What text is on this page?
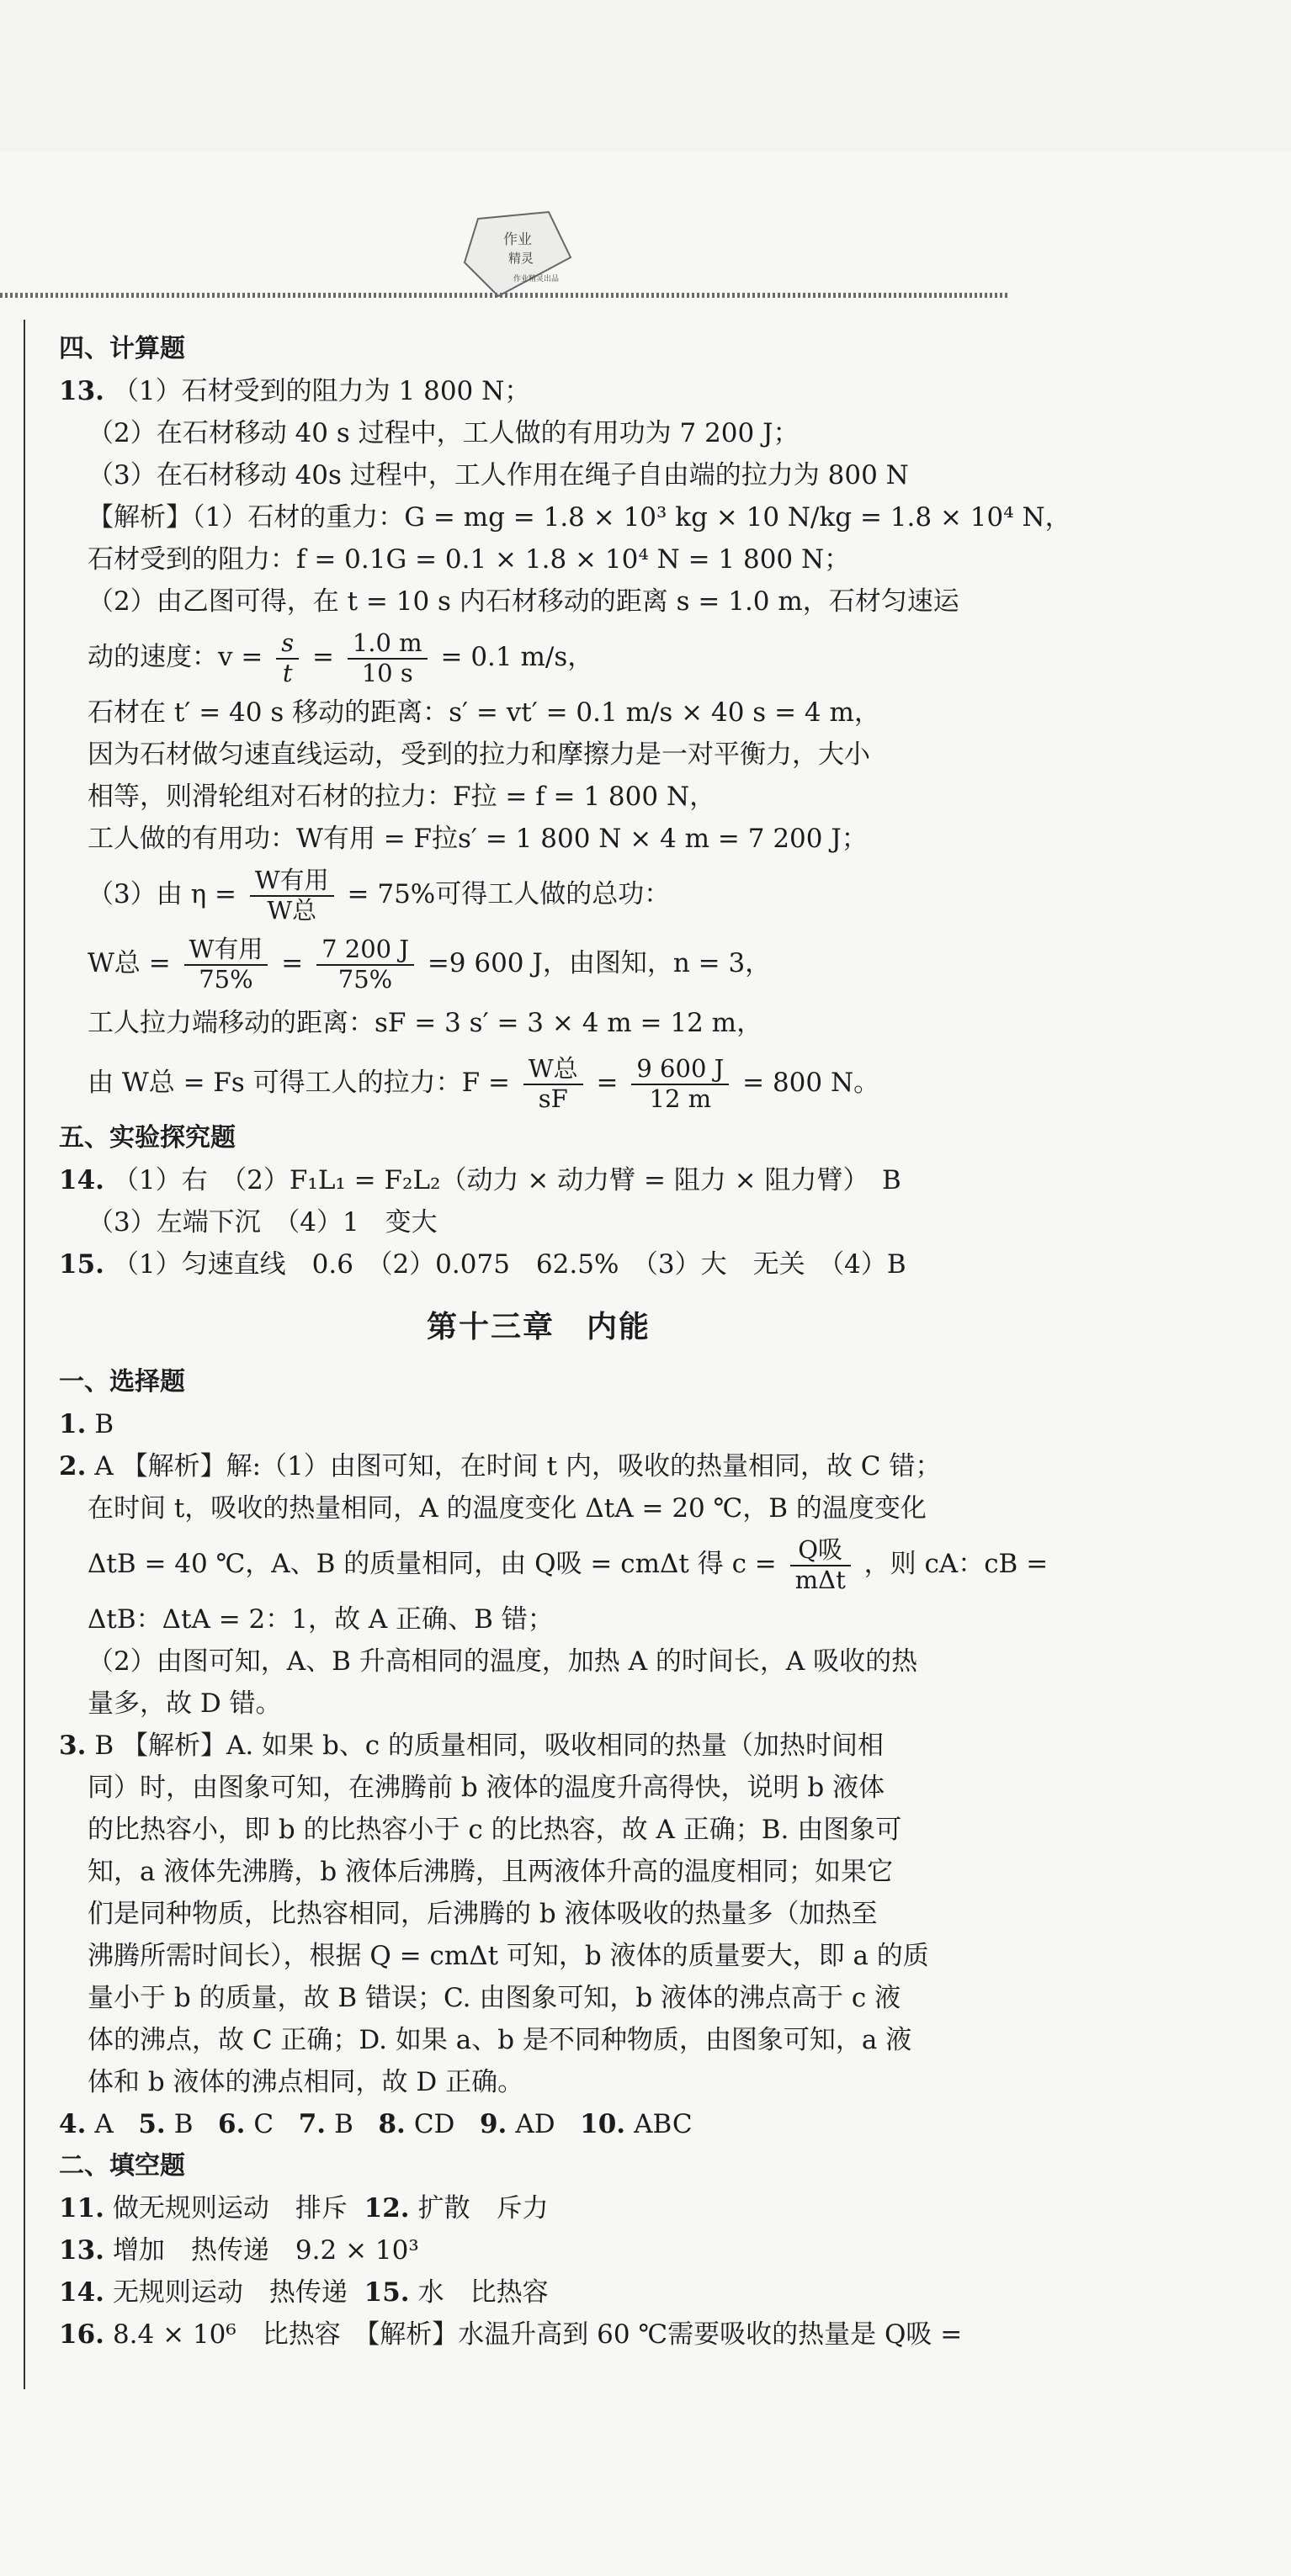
作业
精灵
作业精灵出品
四、计算题
13. （1）石材受到的阻力为 1 800 N；
（2）在石材移动 40 s 过程中，工人做的有用功为 7 200 J；
（3）在石材移动 40s 过程中，工人作用在绳子自由端的拉力为 800 N
【解析】（1）石材的重力：G = mg = 1.8 × 10³ kg × 10 N/kg = 1.8 × 10⁴ N，
石材受到的阻力：f = 0.1G = 0.1 × 1.8 × 10⁴ N = 1 800 N；
（2）由乙图可得，在 t = 10 s 内石材移动的距离 s = 1.0 m，石材匀速运
动的速度：$v = \frac{s}{t} = \frac{1.0 m}{10 s} = 0.1$ m/s，
石材在 t′ = 40 s 移动的距离：s′ = vt′ = 0.1 m/s × 40 s = 4 m，
因为石材做匀速直线运动，受到的拉力和摩擦力是一对平衡力，大小
相等，则滑轮组对石材的拉力：F拉 = f = 1 800 N，
工人做的有用功：W有用 = F拉s′ = 1 800 N × 4 m = 7 200 J；
（3）由 $\eta = \frac{\text{W有用}}{\text{W总}} = 75\%$可得工人做的总功：
W总 = $\frac{\text{W有用}}{75\%} = \frac{7 200 J}{75\%} =9$ 600 J，由图知，n = 3，
工人拉力端移动的距离：sF = 3 s′ = 3 × 4 m = 12 m，
由 W总 = Fs 可得工人的拉力：$F = \frac{\text{W总}}{sF} = \frac{9 600 J}{12 m} = 800$ N。
五、实验探究题
14. （1）右　（2）F₁L₁ = F₂L₂（动力 × 动力臂 = 阻力 × 阻力臂）　B
（3）左端下沉　（4）1　变大
15. （1）匀速直线　0.6　（2）0.075　62.5%　（3）大　无关　（4）B
第十三章　内能
一、选择题
1. B
2. A 【解析】解:（1）由图可知，在时间 t 内，吸收的热量相同，故 C 错；
在时间 t，吸收的热量相同，A 的温度变化 ΔtA = 20 ℃，B 的温度变化
ΔtB = 40 ℃，A、B 的质量相同，由 Q吸 = cmΔt 得 $c = \frac{\text{Q吸}}{\text{mΔt}}$ ，则 cA：cB =
ΔtB：ΔtA = 2：1，故 A 正确、B 错；
（2）由图可知，A、B 升高相同的温度，加热 A 的时间长，A 吸收的热
量多，故 D 错。
3. B 【解析】A. 如果 b、c 的质量相同，吸收相同的热量（加热时间相
同）时，由图象可知，在沸腾前 b 液体的温度升高得快，说明 b 液体
的比热容小，即 b 的比热容小于 c 的比热容，故 A 正确；B. 由图象可
知，a 液体先沸腾，b 液体后沸腾，且两液体升高的温度相同；如果它
们是同种物质，比热容相同，后沸腾的 b 液体吸收的热量多（加热至
沸腾所需时间长），根据 Q = cmΔt 可知，b 液体的质量要大，即 a 的质
量小于 b 的质量，故 B 错误；C. 由图象可知，b 液体的沸点高于 c 液
体的沸点，故 C 正确；D. 如果 a、b 是不同种物质，由图象可知，a 液
体和 b 液体的沸点相同，故 D 正确。
4. A 5. B 6. C 7. B 8. CD 9. AD 10. ABC
二、填空题
11. 做无规则运动　排斥 12. 扩散　斥力
13. 增加　热传递　9.2 × 10³
14. 无规则运动　热传递 15. 水　比热容
16. 8.4 × 10⁶　比热容　【解析】水温升高到 60 ℃需要吸收的热量是 Q吸 =
